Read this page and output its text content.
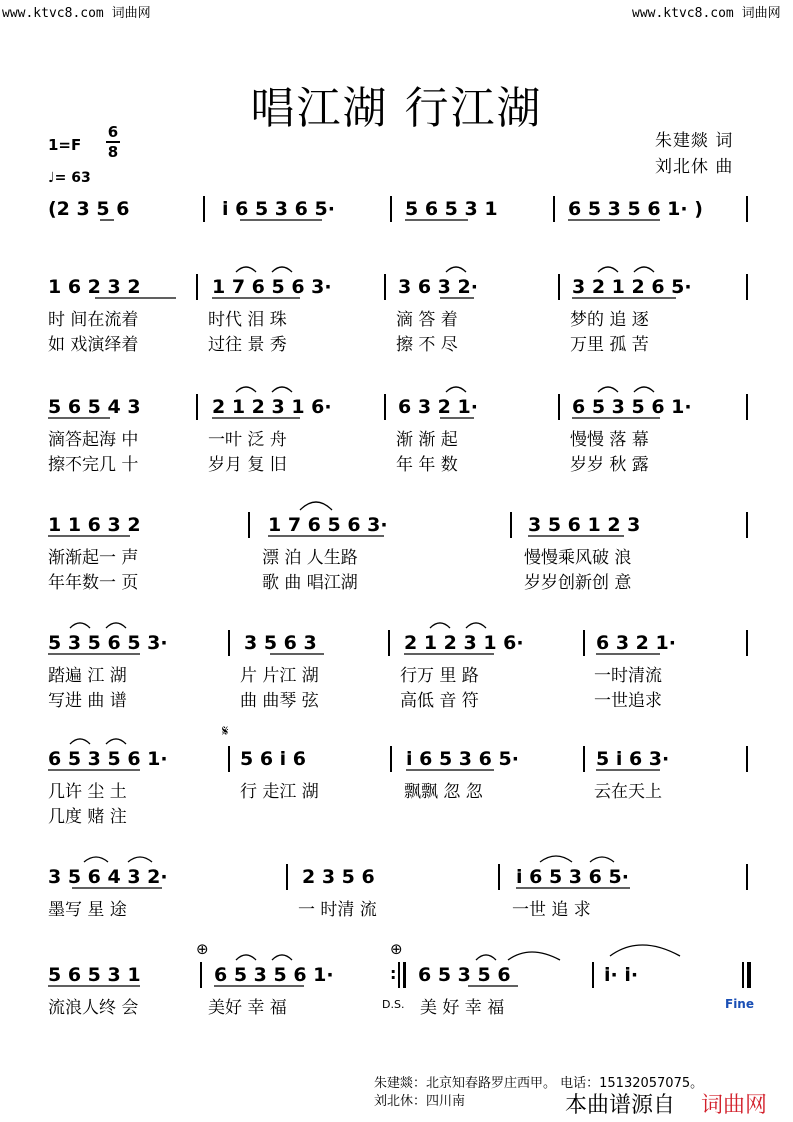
www.ktvc8.com 词曲网	www.ktvc8.com 词曲网
唱江湖 行江湖
1=F
6
8
♩= 63
朱建燚 词
刘北休 曲
(2 3 5 6	i 6 5 3 6 5·	5 6 5 3 1	6 5 3 5 6 1· )
1 6 2 3 2	1 7 6 5 6 3·	3 6 3 2·	3 2 1 2 6 5·
时 间在流着	时代 泪 珠	滴 答 着	梦的 追 逐
如 戏演绎着	过往 景 秀	擦 不 尽	万里 孤 苦
5 6 5 4 3	2 1 2 3 1 6·	6 3 2 1·	6 5 3 5 6 1·
滴答起海 中	一叶 泛 舟	渐 渐 起	慢慢 落 幕
擦不完几 十	岁月 复 旧	年 年 数	岁岁 秋 露
1 1 6 3 2	1 7 6 5 6 3·	3 5 6 1 2 3
渐渐起一 声	漂 泊 人生路	慢慢乘风破 浪
年年数一 页	歌 曲 唱江湖	岁岁创新创 意
5 3 5 6 5 3·	3 5 6 3	2 1 2 3 1 6·	6 3 2 1·
踏遍 江 湖	片 片江 湖	行万 里 路	一时清流
写进 曲 谱	曲 曲琴 弦	高低 音 符	一世追求
𝄋
6 5 3 5 6 1·	5 6 i 6	i 6 5 3 6 5·	5 i 6 3·
几许 尘 土	行 走江 湖	飘飘 忽 忽	云在天上
几度 赌 注
3 5 6 4 3 2·	2 3 5 6	i 6 5 3 6 5·
墨写 星 途	一 时清 流	一世 追 求
⊕	⊕
5 6 5 3 1	6 5 3 5 6 1·	6 5 3 5 6	i· i·
:
流浪人终 会	美好 幸 福	D.S. 美 好 幸 福	Fine
朱建燚：北京知春路罗庄西甲。 电话：15132057075。
刘北休：四川南	本曲谱源自 词曲网
